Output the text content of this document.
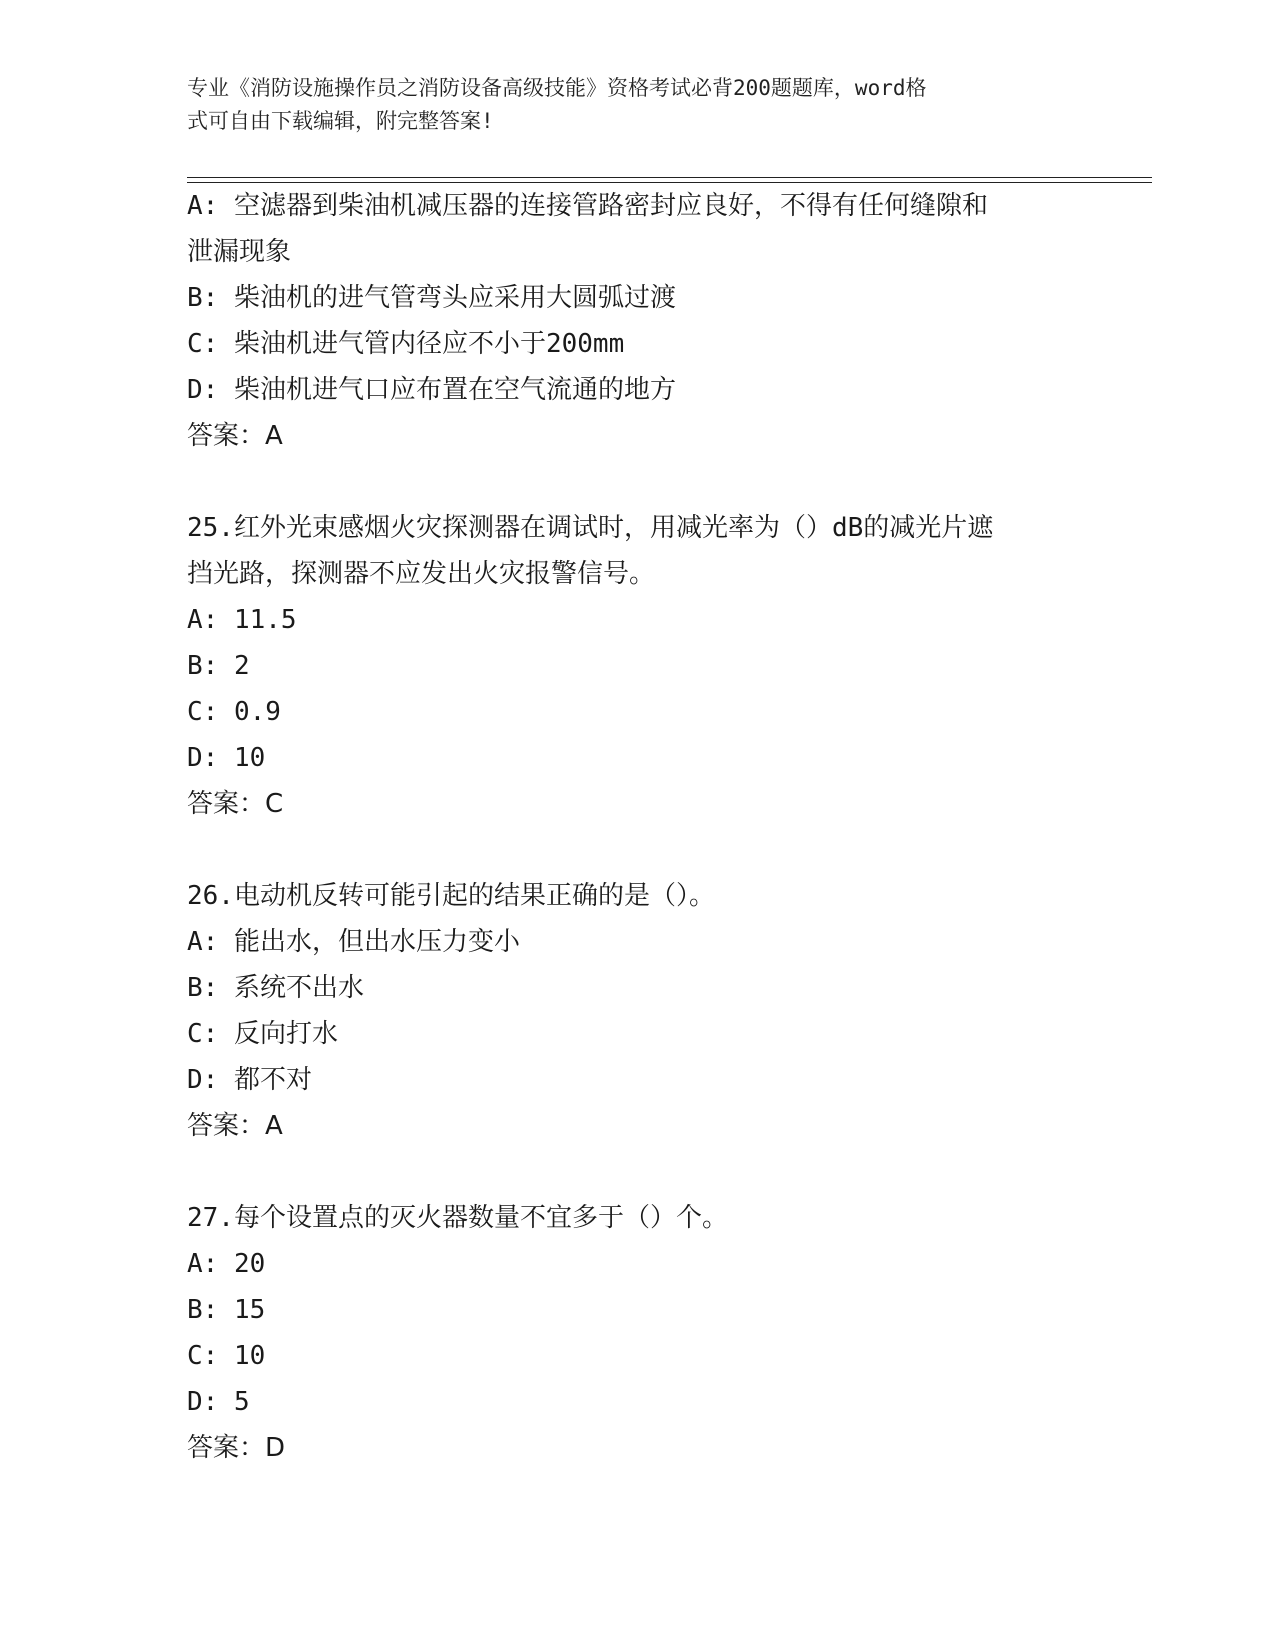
专业《消防设施操作员之消防设备高级技能》资格考试必背200题题库，word格
式可自由下载编辑，附完整答案!
A: 空滤器到柴油机减压器的连接管路密封应良好，不得有任何缝隙和
泄漏现象
B: 柴油机的进气管弯头应采用大圆弧过渡
C: 柴油机进气管内径应不小于200mm
D: 柴油机进气口应布置在空气流通的地方
答案：A
25.红外光束感烟火灾探测器在调试时，用减光率为（）dB的减光片遮
挡光路，探测器不应发出火灾报警信号。
A: 11.5
B: 2
C: 0.9
D: 10
答案：C
26.电动机反转可能引起的结果正确的是（）。
A: 能出水，但出水压力变小
B: 系统不出水
C: 反向打水
D: 都不对
答案：A
27.每个设置点的灭火器数量不宜多于（）个。
A: 20
B: 15
C: 10
D: 5
答案：D
